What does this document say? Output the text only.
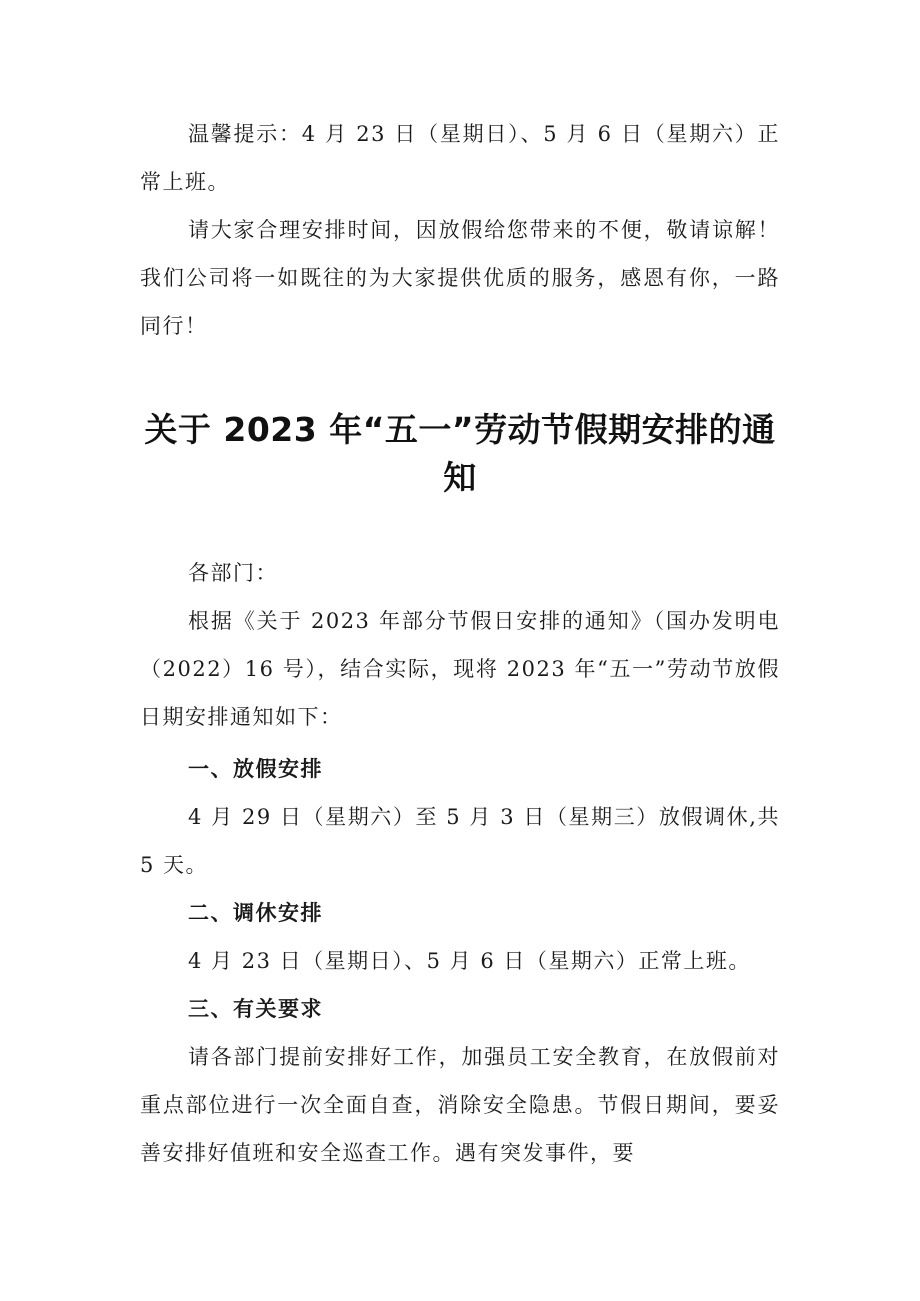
温馨提示：4 月 23 日（星期日）、5 月 6 日（星期六）正常上班。

请大家合理安排时间，因放假给您带来的不便，敬请谅解！我们公司将一如既往的为大家提供优质的服务，感恩有你，一路同行！

关于 2023 年“五一”劳动节假期安排的通
知

各部门：

根据《关于 2023 年部分节假日安排的通知》（国办发明电（2022）16 号），结合实际，现将 2023 年“五一”劳动节放假日期安排通知如下：

一、放假安排

4 月 29 日（星期六）至 5 月 3 日（星期三）放假调休,共 5 天。

二、调休安排

4 月 23 日（星期日）、5 月 6 日（星期六）正常上班。

三、有关要求

请各部门提前安排好工作，加强员工安全教育，在放假前对重点部位进行一次全面自查，消除安全隐患。节假日期间，要妥善安排好值班和安全巡查工作。遇有突发事件，要
